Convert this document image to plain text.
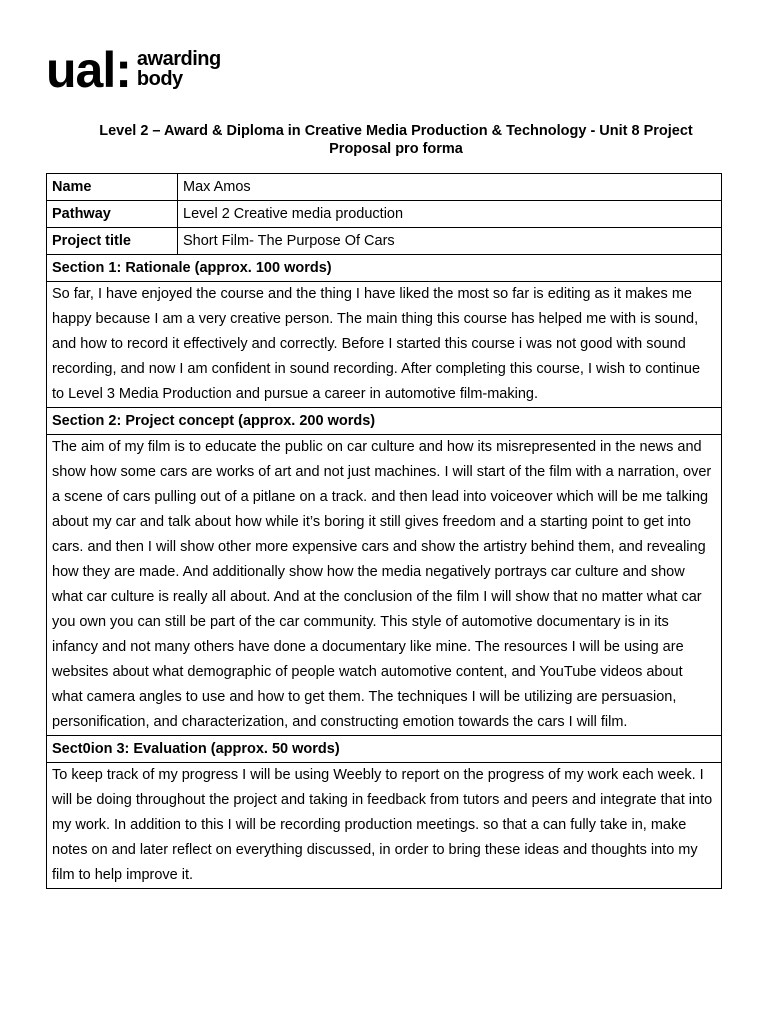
ual: awarding
body
Level 2 – Award & Diploma in Creative Media Production & Technology - Unit 8 Project
Proposal pro forma
Name	Max Amos
Pathway	Level 2 Creative media production
Project title	Short Film- The Purpose Of Cars
Section 1: Rationale (approx. 100 words)	
So far, I have enjoyed the course and the thing I have liked the most so far is editing as it makes me happy because I am a very creative person. The main thing this course has helped me with is sound, and how to record it effectively and correctly. Before I started this course i was not good with sound recording, and now I am confident in sound recording. After completing this course, I wish to continue to Level 3 Media Production and pursue a career in automotive film-making.	
Section 2: Project concept (approx. 200 words)	
The aim of my film is to educate the public on car culture and how its misrepresented in the news and show how some cars are works of art and not just machines. I will start of the film with a narration, over a scene of cars pulling out of a pitlane on a track. and then lead into voiceover which will be me talking about my car and talk about how while it’s boring it still gives freedom and a starting point to get into cars. and then I will show other more expensive cars and show the artistry behind them, and revealing how they are made. And additionally show how the media negatively portrays car culture and show what car culture is really all about. And at the conclusion of the film I will show that no matter what car you own you can still be part of the car community. This style of automotive documentary is in its infancy and not many others have done a documentary like mine. The resources I will be using are websites about what demographic of people watch automotive content, and YouTube videos about what camera angles to use and how to get them. The techniques I will be utilizing are persuasion, personification, and characterization, and constructing emotion towards the cars I will film.	
Sect0ion 3: Evaluation (approx. 50 words)	
To keep track of my progress I will be using Weebly to report on the progress of my work each week. I will be doing throughout the project and taking in feedback from tutors and peers and integrate that into my work. In addition to this I will be recording production meetings. so that a can fully take in, make notes on and later reflect on everything discussed, in order to bring these ideas and thoughts into my film to help improve it.	
